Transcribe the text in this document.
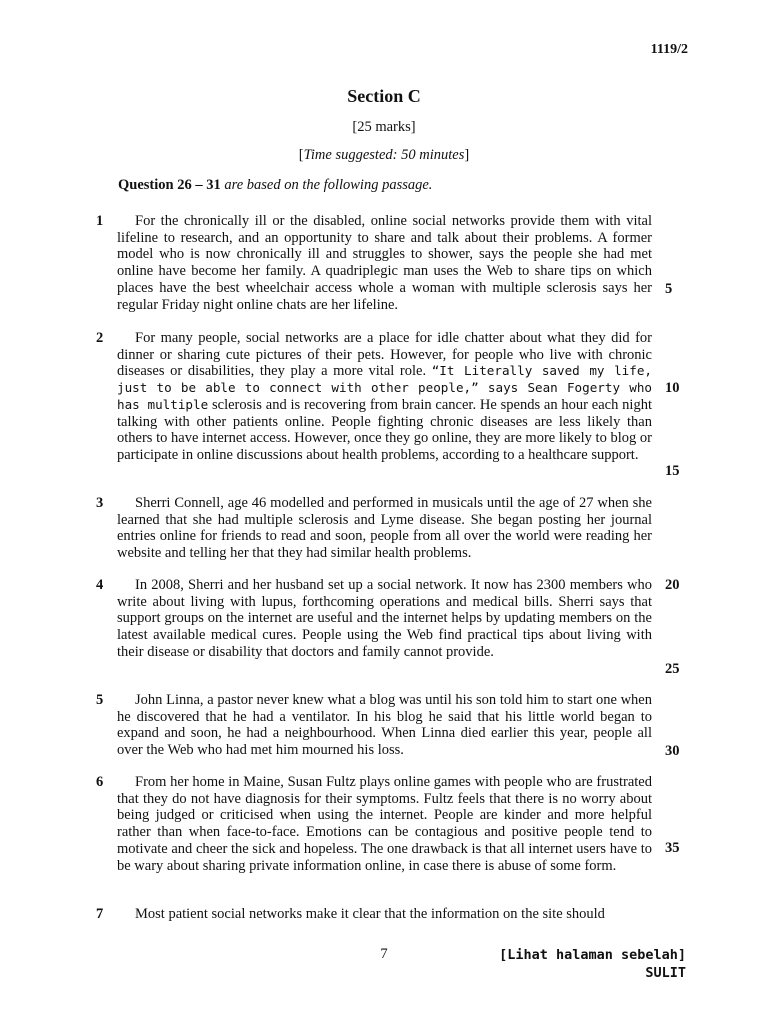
1119/2
Section C
[25 marks]
[Time suggested: 50 minutes]
Question 26 – 31 are based on the following passage.
1	For the chronically ill or the disabled, online social networks provide them with vital lifeline to research, and an opportunity to share and talk about their problems. A former model who is now chronically ill and struggles to shower, says the people she had met online have become her family. A quadriplegic man uses the Web to share tips on which places have the best wheelchair access whole a woman with multiple sclerosis says her regular Friday night online chats are her lifeline.

2	For many people, social networks are a place for idle chatter about what they did for dinner or sharing cute pictures of their pets. However, for people who live with chronic diseases or disabilities, they play a more vital role. “It Literally saved my life, just to be able to connect with other people,” says Sean Fogerty who has multiple sclerosis and is recovering from brain cancer. He spends an hour each night talking with other patients online. People fighting chronic diseases are less likely than others to have internet access. However, once they go online, they are more likely to blog or participate in online discussions about health problems, according to a healthcare support.

3	Sherri Connell, age 46 modelled and performed in musicals until the age of 27 when she learned that she had multiple sclerosis and Lyme disease. She began posting her journal entries online for friends to read and soon, people from all over the world were reading her website and telling her that they had similar health problems.

4	In 2008, Sherri and her husband set up a social network. It now has 2300 members who write about living with lupus, forthcoming operations and medical bills. Sherri says that support groups on the internet are useful and the internet helps by updating members on the latest available medical cures. People using the Web find practical tips about living with their disease or disability that doctors and family cannot provide.

5	John Linna, a pastor never knew what a blog was until his son told him to start one when he discovered that he had a ventilator. In his blog he said that his little world began to expand and soon, he had a neighbourhood. When Linna died earlier this year, people all over the Web who had met him mourned his loss.

6	From her home in Maine, Susan Fultz plays online games with people who are frustrated that they do not have diagnosis for their symptoms. Fultz feels that there is no worry about being judged or criticised when using the internet. People are kinder and more helpful rather than when face-to-face. Emotions can be contagious and positive people tend to motivate and cheer the sick and hopeless. The one drawback is that all internet users have to be wary about sharing private information online, in case there is abuse of some form.

7	Most patient social networks make it clear that the information on the site should

5
10
15
20
25
30
35
7	[Lihat halaman sebelah]
SULIT
